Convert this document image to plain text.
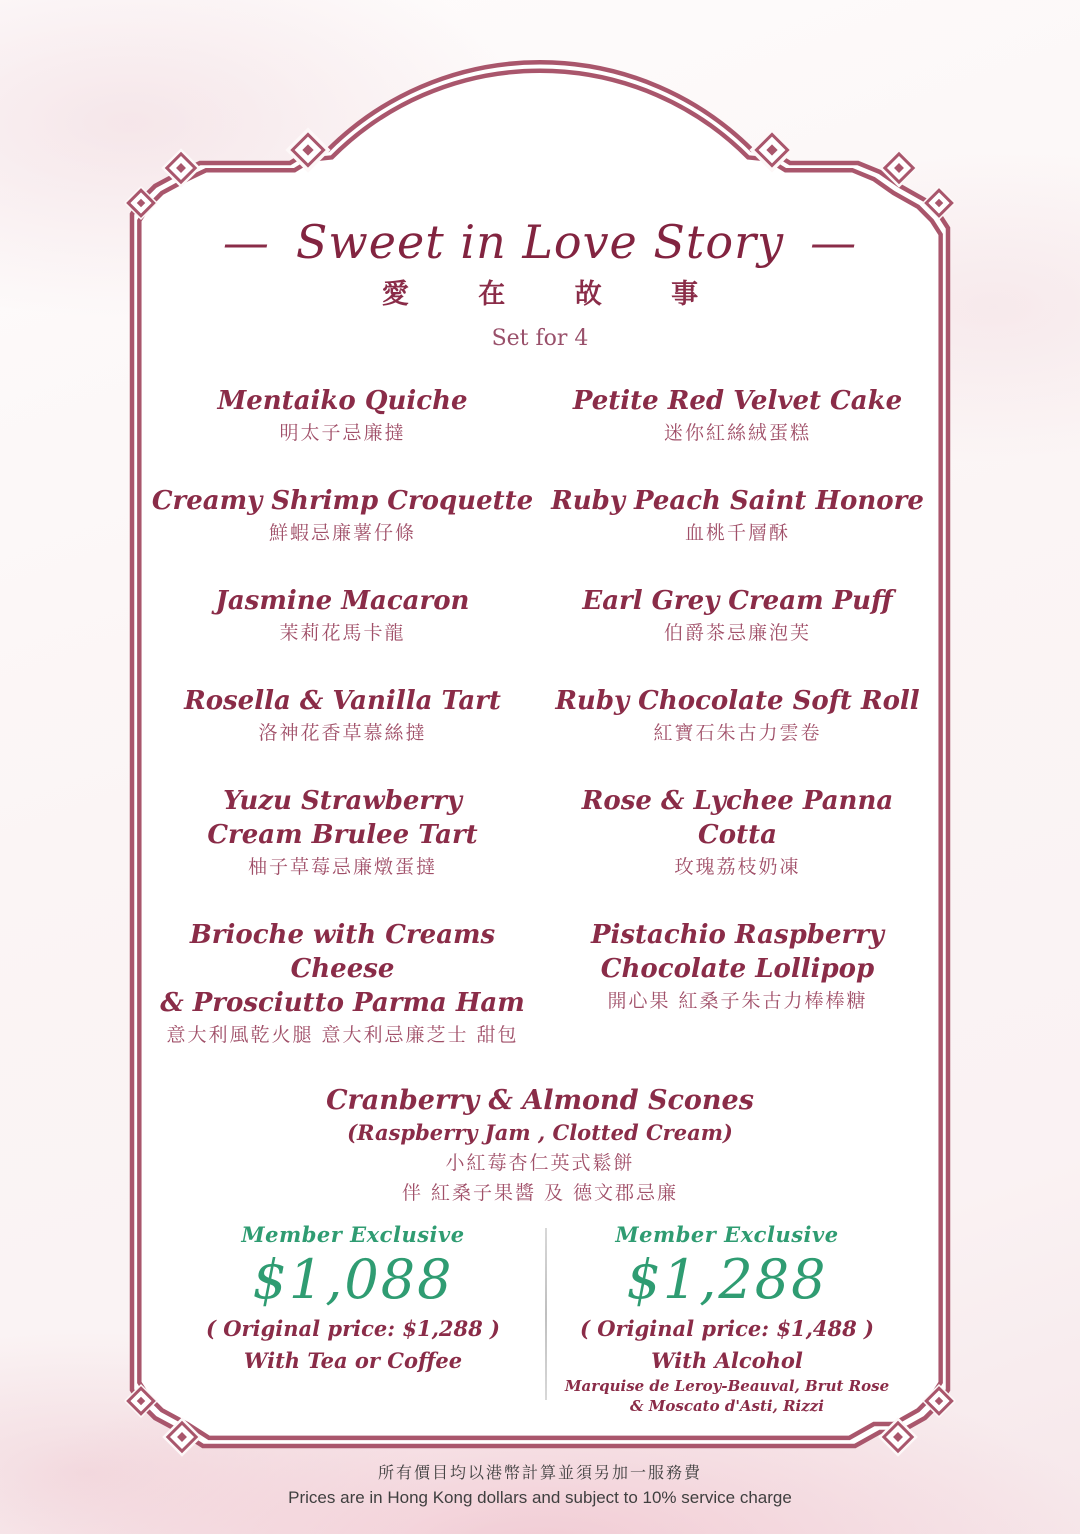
— Sweet in Love Story —
愛 在 故 事
Set for 4
Mentaiko Quiche
明太子忌廉撻
Petite Red Velvet Cake
迷你紅絲絨蛋糕
Creamy Shrimp Croquette
鮮蝦忌廉薯仔條
Ruby Peach Saint Honore
血桃千層酥
Jasmine Macaron
茉莉花馬卡龍
Earl Grey Cream Puff
伯爵茶忌廉泡芙
Rosella & Vanilla Tart
洛神花香草慕絲撻
Ruby Chocolate Soft Roll
紅寶石朱古力雲卷
Yuzu Strawberry
Cream Brulee Tart
柚子草莓忌廉燉蛋撻
Rose & Lychee Panna Cotta
玫瑰荔枝奶凍
Brioche with Creams Cheese
& Prosciutto Parma Ham
意大利風乾火腿 意大利忌廉芝士 甜包
Pistachio Raspberry
Chocolate Lollipop
開心果 紅桑子朱古力棒棒糖
Cranberry & Almond Scones
(Raspberry Jam , Clotted Cream)
小紅莓杏仁英式鬆餅
伴 紅桑子果醬 及 德文郡忌廉
Member Exclusive
$1,088
( Original price: $1,288 )
With Tea or Coffee
Member Exclusive
$1,288
( Original price: $1,488 )
With Alcohol
Marquise de Leroy-Beauval, Brut Rose
& Moscato d'Asti, Rizzi
所有價目均以港幣計算並須另加一服務費
Prices are in Hong Kong dollars and subject to 10% service charge
